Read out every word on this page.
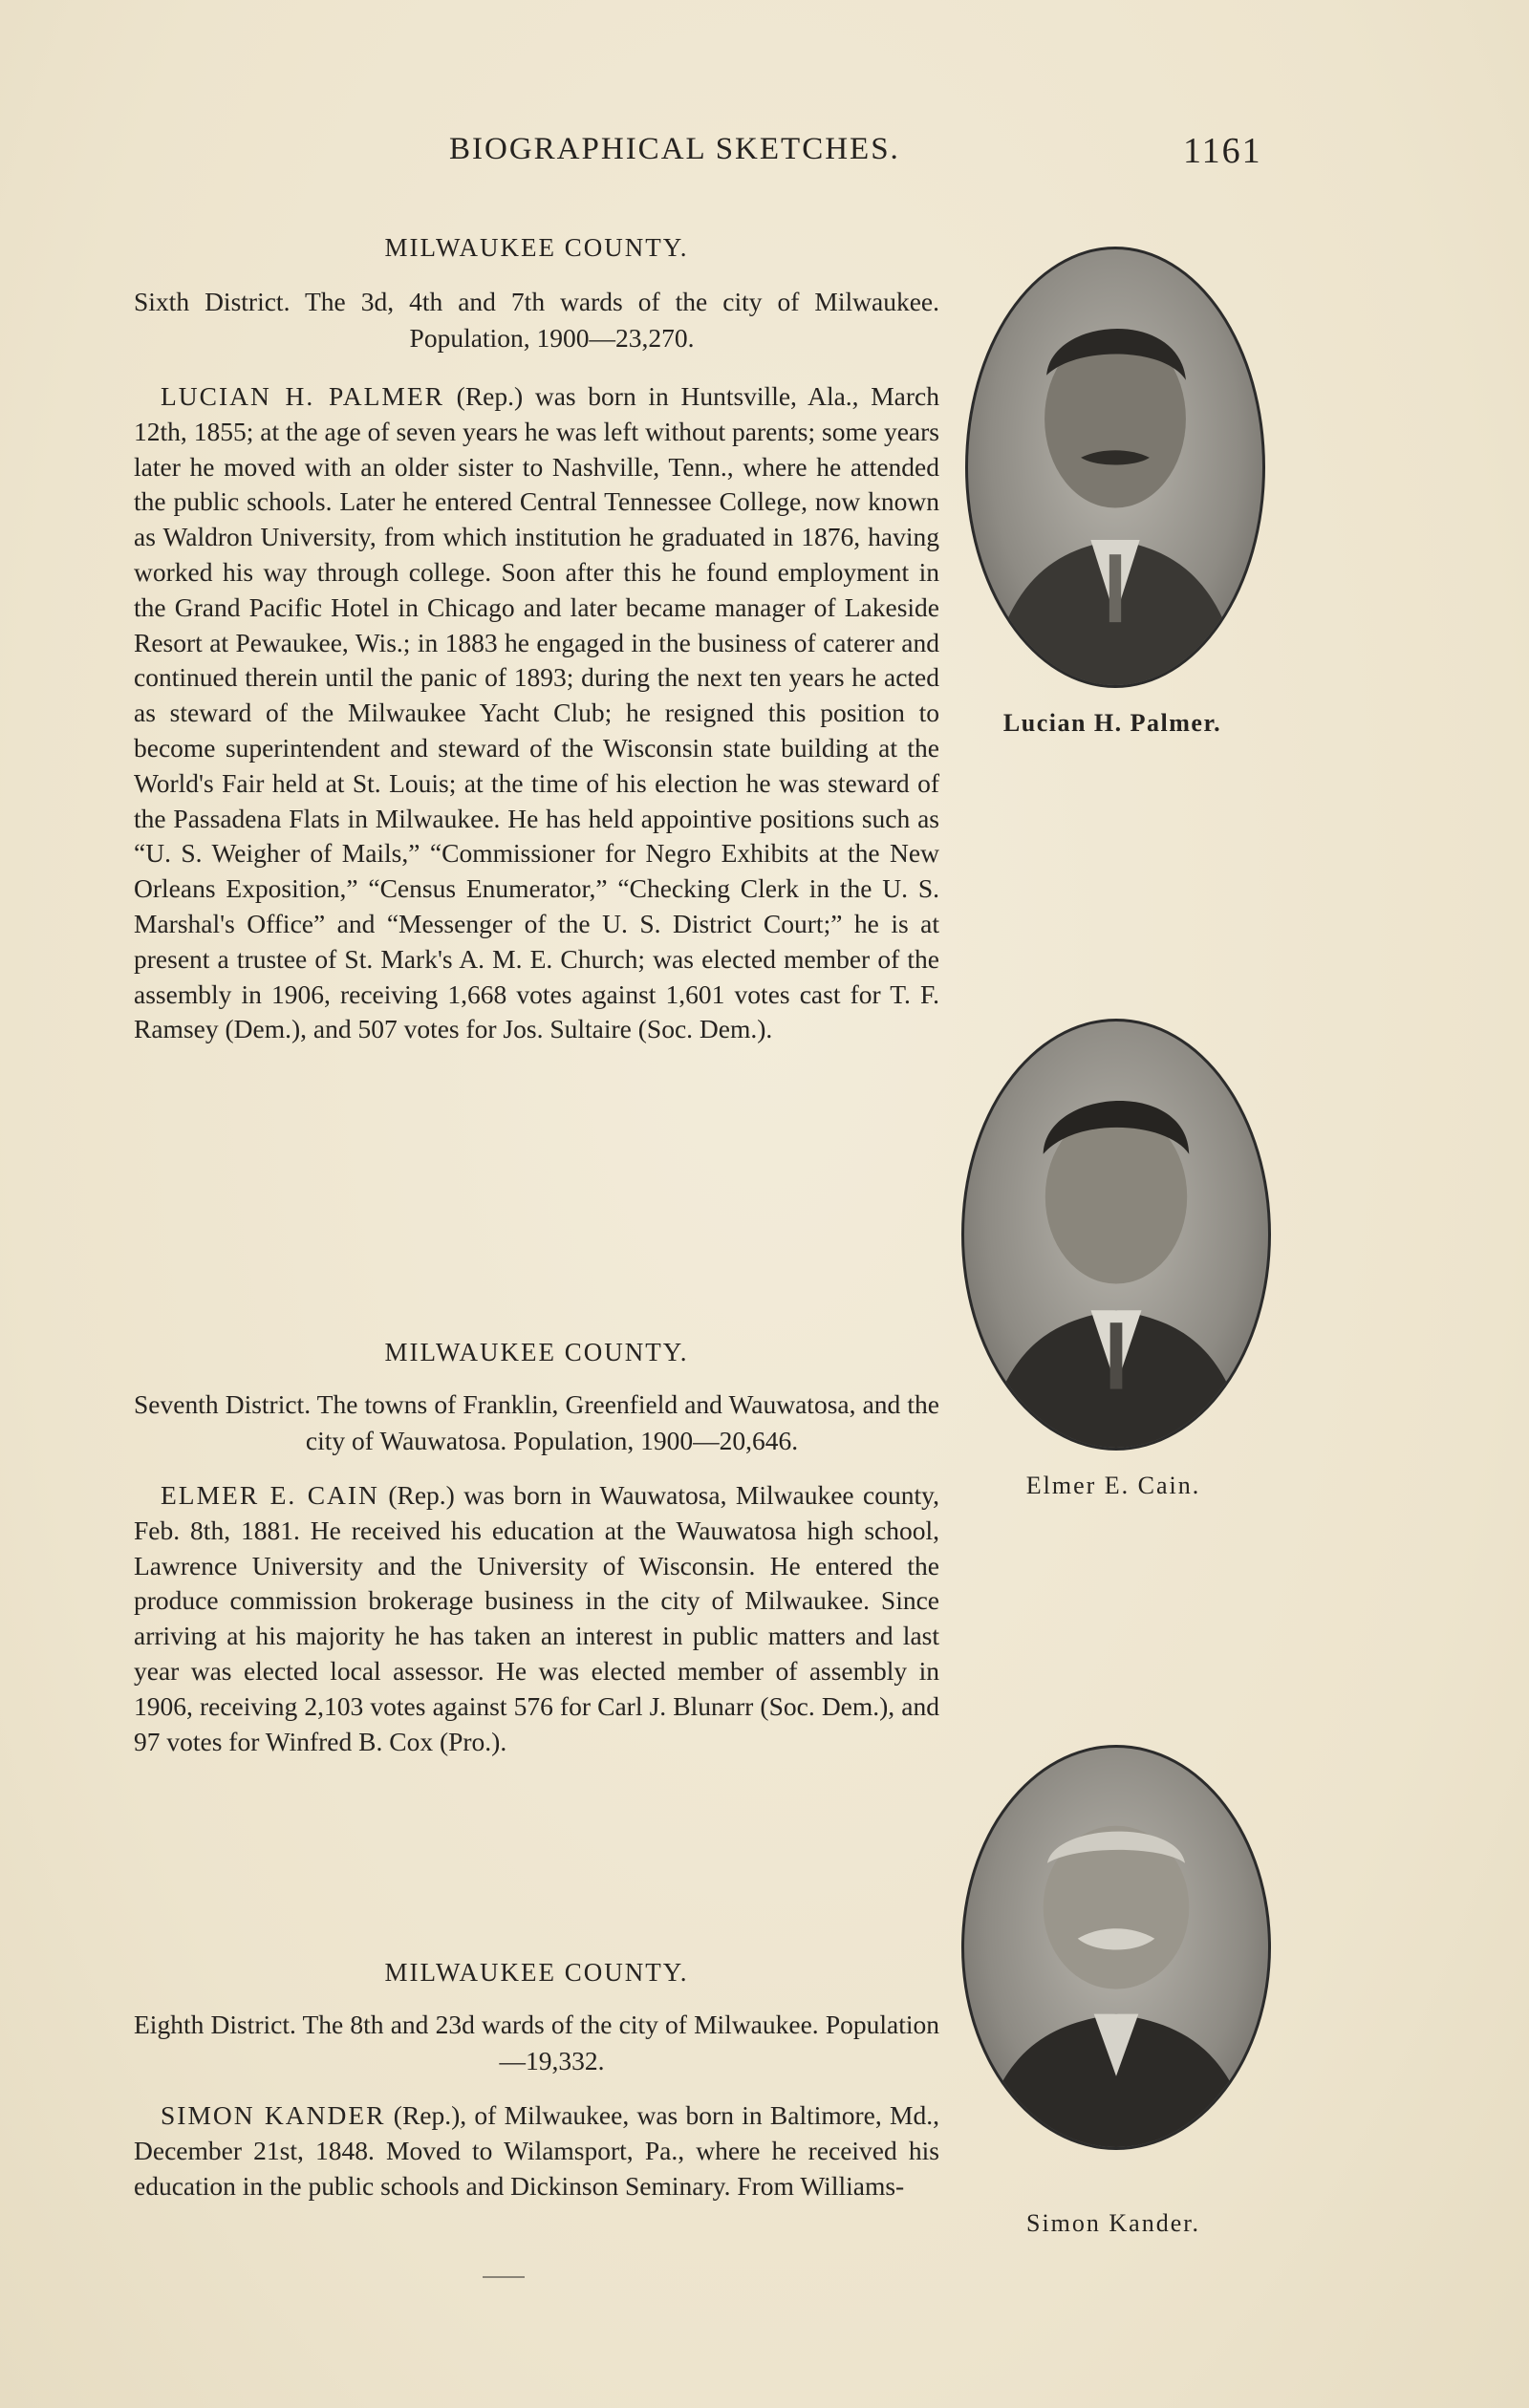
BIOGRAPHICAL SKETCHES.	1161

MILWAUKEE COUNTY.

Sixth District. The 3d, 4th and 7th wards of the city of Milwaukee. Population, 1900—23,270.

LUCIAN H. PALMER (Rep.) was born in Huntsville, Ala., March 12th, 1855; at the age of seven years he was left without parents; some years later he moved with an older sister to Nashville, Tenn., where he attended the public schools. Later he entered Central Tennessee College, now known as Waldron University, from which institution he graduated in 1876, having worked his way through college. Soon after this he found employment in the Grand Pacific Hotel in Chicago and later became manager of Lakeside Resort at Pewaukee, Wis.; in 1883 he engaged in the business of caterer and continued therein until the panic of 1893; during the next ten years he acted as steward of the Milwaukee Yacht Club; he resigned this position to become superintendent and steward of the Wisconsin state building at the World's Fair held at St. Louis; at the time of his election he was steward of the Passadena Flats in Milwaukee. He has held appointive positions such as “U. S. Weigher of Mails,” “Commissioner for Negro Exhibits at the New Orleans Exposition,” “Census Enumerator,” “Checking Clerk in the U. S. Marshal's Office” and “Messenger of the U. S. District Court;” he is at present a trustee of St. Mark's A. M. E. Church; was elected member of the assembly in 1906, receiving 1,668 votes against 1,601 votes cast for T. F. Ramsey (Dem.), and 507 votes for Jos. Sultaire (Soc. Dem.).

MILWAUKEE COUNTY.

Seventh District. The towns of Franklin, Greenfield and Wauwatosa, and the city of Wauwatosa. Population, 1900—20,646.

ELMER E. CAIN (Rep.) was born in Wauwatosa, Milwaukee county, Feb. 8th, 1881. He received his education at the Wauwatosa high school, Lawrence University and the University of Wisconsin. He entered the produce commission brokerage business in the city of Milwaukee. Since arriving at his majority he has taken an interest in public matters and last year was elected local assessor. He was elected member of assembly in 1906, receiving 2,103 votes against 576 for Carl J. Blunarr (Soc. Dem.), and 97 votes for Winfred B. Cox (Pro.).

MILWAUKEE COUNTY.

Eighth District. The 8th and 23d wards of the city of Milwaukee. Population—19,332.

SIMON KANDER (Rep.), of Milwaukee, was born in Baltimore, Md., December 21st, 1848. Moved to Wilamsport, Pa., where he received his education in the public schools and Dickinson Seminary. From Williams-

Lucian H. Palmer.
Elmer E. Cain.
Simon Kander.
